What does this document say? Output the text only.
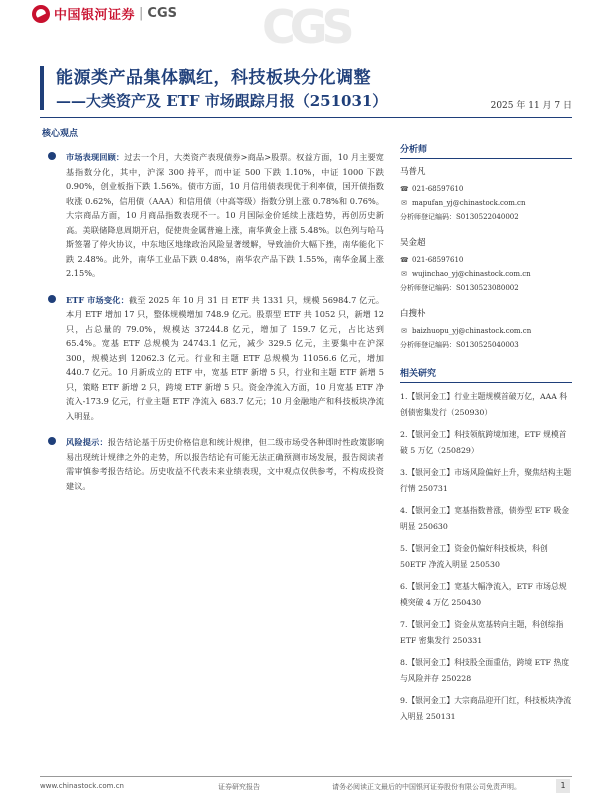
中国银河证券 | CGS CGS
能源类产品集体飘红，科技板块分化调整
——大类资产及 ETF 市场跟踪月报（251031）	2025 年 11 月 7 日
核心观点
市场表现回顾：过去一个月，大类资产表现债券>商品>股票。权益方面，10 月主要宽基指数分化，其中，沪深 300 持平，而中证 500 下跌 1.10%，中证 1000 下跌 0.90%，创业板指下跌 1.56%。债市方面，10 月信用债表现优于利率债，国开债指数收涨 0.62%，信用债（AAA）和信用债（中高等级）指数分别上涨 0.78%和 0.76%。大宗商品方面，10 月商品指数表现不一。10 月国际金价延续上涨趋势，再创历史新高。美联储降息周期开启，促使贵金属普遍上涨，南华黄金上涨 5.48%。以色列与哈马斯签署了停火协议，中东地区地缘政治风险显著缓解，导致油价大幅下挫，南华能化下跌 2.48%。此外，南华工业品下跌 0.48%，南华农产品下跌 1.55%，南华金属上涨 2.15%。
ETF 市场变化：截至 2025 年 10 月 31 日 ETF 共 1331 只，规模 56984.7 亿元。本月 ETF 增加 17 只，整体规模增加 748.9 亿元。股票型 ETF 共 1052 只，新增 12 只，占总量的 79.0%，规模达 37244.8 亿元，增加了 159.7 亿元，占比达到 65.4%。宽基 ETF 总规模为 24743.1 亿元，减少 329.5 亿元，主要集中在沪深 300，规模达到 12062.3 亿元。行业和主题 ETF 总规模为 11056.6 亿元，增加 440.7 亿元。10 月新成立的 ETF 中，宽基 ETF 新增 5 只，行业和主题 ETF 新增 5 只，策略 ETF 新增 2 只，跨境 ETF 新增 5 只。资金净流入方面，10 月宽基 ETF 净流入-173.9 亿元，行业主题 ETF 净流入 683.7 亿元；10 月金融地产和科技板块净流入明显。
风险提示：报告结论基于历史价格信息和统计规律，但二级市场受各种即时性政策影响易出现统计规律之外的走势，所以报告结论有可能无法正确预测市场发展，报告阅读者需审慎参考报告结论。历史收益不代表未来业绩表现，文中观点仅供参考，不构成投资建议。
分析师
马普凡
☎ 021-68597610
✉ mapufan_yj@chinastock.com.cn
分析师登记编码：S0130522040002
吴金超
☎ 021-68597610
✉ wujinchao_yj@chinastock.com.cn
分析师登记编码：S0130523080002
白搜朴
✉ baizhuopu_yj@chinastock.com.cn
分析师登记编码：S0130525040003
相关研究
1.【银河金工】行业主题规模首破万亿，AAA 科创债密集发行（250930）
2.【银河金工】科技领航跨境加速，ETF 规模首破 5 万亿（250829）
3.【银河金工】市场风险偏好上升，聚焦结构主题行情 250731
4.【银河金工】宽基指数普涨，债券型 ETF 吸金明显 250630
5.【银河金工】资金仍偏好科技板块，科创 50ETF 净流入明显 250530
6.【银河金工】宽基大幅净流入，ETF 市场总规模突破 4 万亿 250430
7.【银河金工】资金从宽基转向主题，科创综指 ETF 密集发行 250331
8.【银河金工】科技股全面重估，跨境 ETF 热度与风险并存 250228
9.【银河金工】大宗商品迎开门红，科技板块净流入明显 250131
www.chinastock.com.cn	证券研究报告	请务必阅读正文最后的中国银河证券股份有限公司免责声明。	1
